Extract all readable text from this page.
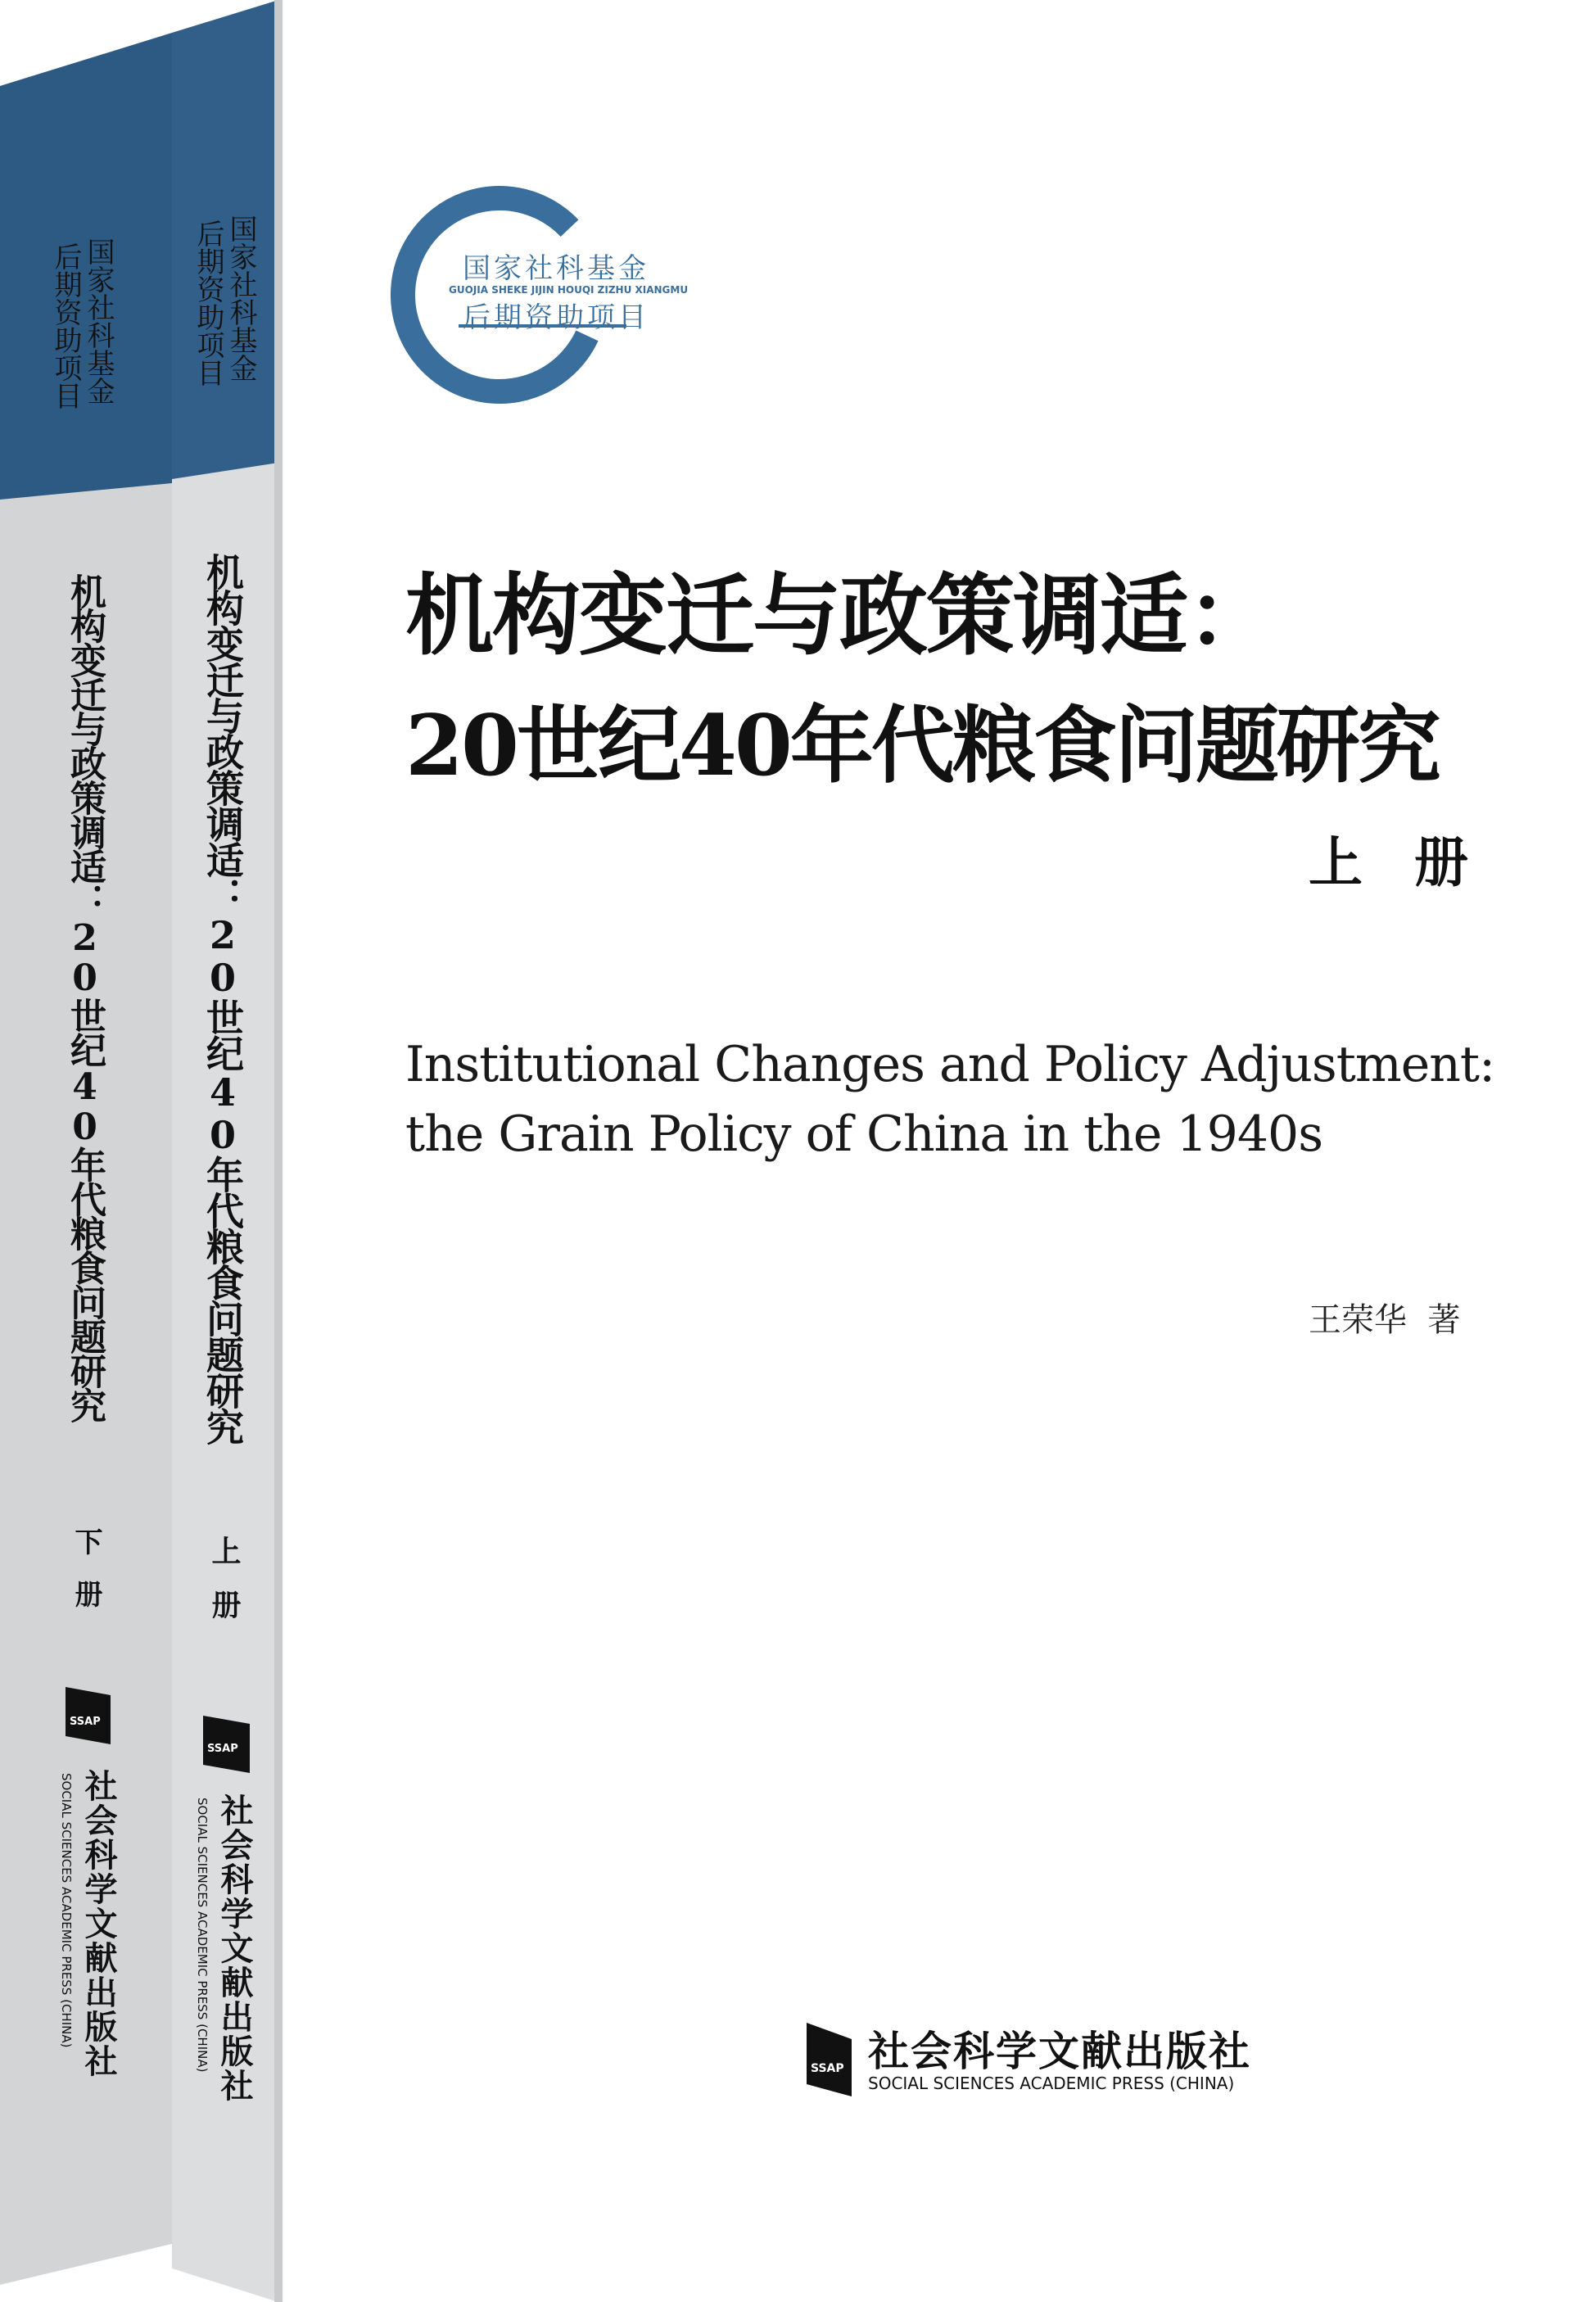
国家社科基金
GUOJIA SHEKE JIJIN HOUQI ZIZHU XIANGMU
后期资助项目
机构变迁与政策调适：
20世纪40年代粮食问题研究
上 册
Institutional Changes and Policy Adjustment:
the Grain Policy of China in the 1940s
王荣华  著
SSAP 社会科学文献出版社
SOCIAL SCIENCES ACADEMIC PRESS (CHINA)
国家社科基金
后期资助项目
机构变迁与政策调适：20世纪40年代粮食问题研究
上册
SSAP
社会科学文献出版社
SOCIAL SCIENCES ACADEMIC PRESS (CHINA)
国家社科基金
后期资助项目
机构变迁与政策调适：20世纪40年代粮食问题研究
下册
SSAP
社会科学文献出版社
SOCIAL SCIENCES ACADEMIC PRESS (CHINA)
